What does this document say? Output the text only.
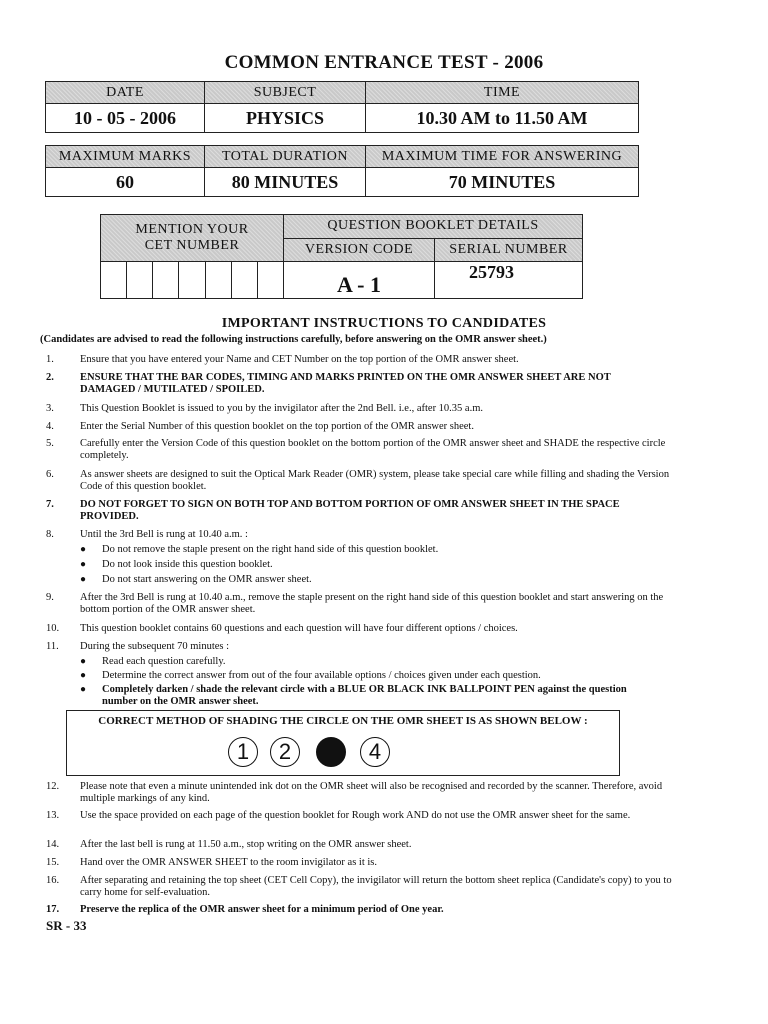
COMMON ENTRANCE TEST - 2006
DATE	SUBJECT	TIME
10 - 05 - 2006	PHYSICS	10.30 AM to 11.50 AM
MAXIMUM MARKS	TOTAL DURATION	MAXIMUM TIME FOR ANSWERING
60	80 MINUTES	70 MINUTES
MENTION YOUR
CET NUMBER							QUESTION BOOKLET DETAILS	
							VERSION CODE	SERIAL NUMBER
							A - 1	25793
IMPORTANT INSTRUCTIONS TO CANDIDATES
(Candidates are advised to read the following instructions carefully, before answering on the OMR answer sheet.)
1.	Ensure that you have entered your Name and CET Number on the top portion of the OMR answer sheet.
2.	ENSURE THAT THE BAR CODES, TIMING AND MARKS PRINTED ON THE OMR ANSWER SHEET ARE NOT DAMAGED / MUTILATED / SPOILED.
3.	This Question Booklet is issued to you by the invigilator after the 2nd Bell. i.e., after 10.35 a.m.
4.	Enter the Serial Number of this question booklet on the top portion of the OMR answer sheet.
5.	Carefully enter the Version Code of this question booklet on the bottom portion of the OMR answer sheet and SHADE the respective circle completely.
6.	As answer sheets are designed to suit the Optical Mark Reader (OMR) system, please take special care while filling and shading the Version Code of this question booklet.
7.	DO NOT FORGET TO SIGN ON BOTH TOP AND BOTTOM PORTION OF OMR ANSWER SHEET IN THE SPACE PROVIDED.
8.	Until the 3rd Bell is rung at 10.40 a.m. :
● Do not remove the staple present on the right hand side of this question booklet.
● Do not look inside this question booklet.
● Do not start answering on the OMR answer sheet.
9.	After the 3rd Bell is rung at 10.40 a.m., remove the staple present on the right hand side of this question booklet and start answering on the bottom portion of the OMR answer sheet.
10.	This question booklet contains 60 questions and each question will have four different options / choices.
11.	During the subsequent 70 minutes :
● Read each question carefully.
● Determine the correct answer from out of the four available options / choices given under each question.
● Completely darken / shade the relevant circle with a BLUE OR BLACK INK BALLPOINT PEN against the question number on the OMR answer sheet.
CORRECT METHOD OF SHADING THE CIRCLE ON THE OMR SHEET IS AS SHOWN BELOW :
1	2	4
12.	Please note that even a minute unintended ink dot on the OMR sheet will also be recognised and recorded by the scanner. Therefore, avoid multiple markings of any kind.
13.	Use the space provided on each page of the question booklet for Rough work AND do not use the OMR answer sheet for the same.
14.	After the last bell is rung at 11.50 a.m., stop writing on the OMR answer sheet.
15.	Hand over the OMR ANSWER SHEET to the room invigilator as it is.
16.	After separating and retaining the top sheet (CET Cell Copy), the invigilator will return the bottom sheet replica (Candidate's copy) to you to carry home for self-evaluation.
17.	Preserve the replica of the OMR answer sheet for a minimum period of One year.
SR - 33
